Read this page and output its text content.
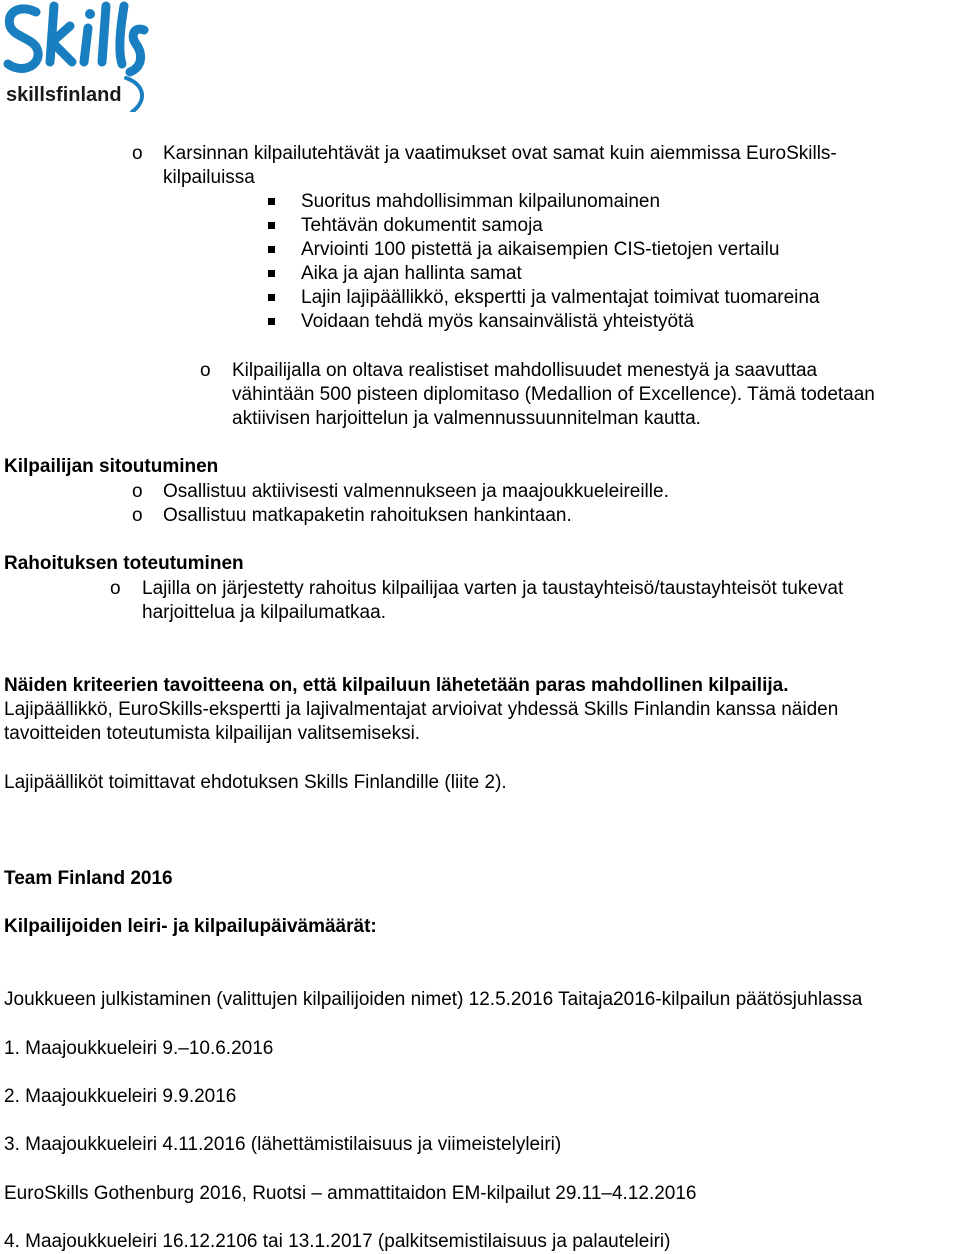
skillsfinland
o Karsinnan kilpailutehtävät ja vaatimukset ovat samat kuin aiemmissa EuroSkills-
kilpailuissa
Suoritus mahdollisimman kilpailunomainen
Tehtävän dokumentit samoja
Arviointi 100 pistettä ja aikaisempien CIS-tietojen vertailu
Aika ja ajan hallinta samat
Lajin lajipäällikkö, ekspertti ja valmentajat toimivat tuomareina
Voidaan tehdä myös kansainvälistä yhteistyötä
o Kilpailijalla on oltava realistiset mahdollisuudet menestyä ja saavuttaa
vähintään 500 pisteen diplomitaso (Medallion of Excellence). Tämä todetaan
aktiivisen harjoittelun ja valmennussuunnitelman kautta.
Kilpailijan sitoutuminen
o Osallistuu aktiivisesti valmennukseen ja maajoukkueleireille.
o Osallistuu matkapaketin rahoituksen hankintaan.
Rahoituksen toteutuminen
o Lajilla on järjestetty rahoitus kilpailijaa varten ja taustayhteisö/taustayhteisöt tukevat
harjoittelua ja kilpailumatkaa.
Näiden kriteerien tavoitteena on, että kilpailuun lähetetään paras mahdollinen kilpailija.
Lajipäällikkö, EuroSkills-ekspertti ja lajivalmentajat arvioivat yhdessä Skills Finlandin kanssa näiden
tavoitteiden toteutumista kilpailijan valitsemiseksi.
Lajipäälliköt toimittavat ehdotuksen Skills Finlandille (liite 2).
Team Finland 2016
Kilpailijoiden leiri- ja kilpailupäivämäärät:
Joukkueen julkistaminen (valittujen kilpailijoiden nimet) 12.5.2016 Taitaja2016-kilpailun päätösjuhlassa
1. Maajoukkueleiri 9.–10.6.2016
2. Maajoukkueleiri 9.9.2016
3. Maajoukkueleiri 4.11.2016 (lähettämistilaisuus ja viimeistelyleiri)
EuroSkills Gothenburg 2016, Ruotsi – ammattitaidon EM-kilpailut 29.11–4.12.2016
4. Maajoukkueleiri 16.12.2106 tai 13.1.2017 (palkitsemistilaisuus ja palauteleiri)
